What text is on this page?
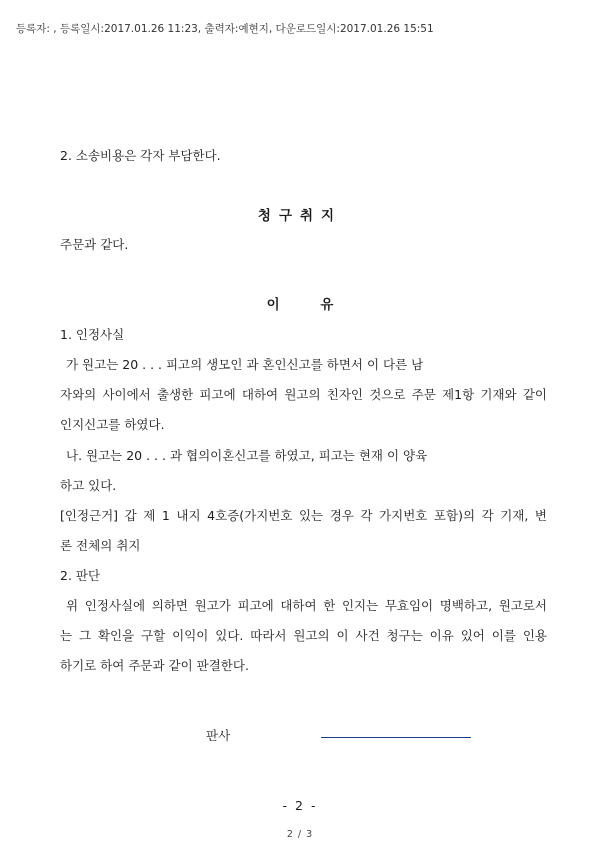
등록자: , 등록일시:2017.01.26 11:23, 출력자:예현지, 다운로드일시:2017.01.26 15:51
2. 소송비용은 각자 부담한다.
청구취지
주문과 같다.
이 유
1. 인정사실
가 원고는 20 . . . 피고의 생모인 과 혼인신고를 하면서 이 다른 남
자와의 사이에서 출생한 피고에 대하여 원고의 친자인 것으로 주문 제1항 기재와 같이
인지신고를 하였다.
나. 원고는 20 . . . 과 협의이혼신고를 하였고, 피고는 현재 이 양육
하고 있다.
[인정근거] 갑 제 1 내지 4호증(가지번호 있는 경우 각 가지번호 포함)의 각 기재, 변
론 전체의 취지
2. 판단
위 인정사실에 의하면 원고가 피고에 대하여 한 인지는 무효임이 명백하고, 원고로서
는 그 확인을 구할 이익이 있다. 따라서 원고의 이 사건 청구는 이유 있어 이를 인용
하기로 하여 주문과 같이 판결한다.
판사
- 2 -
2 / 3
